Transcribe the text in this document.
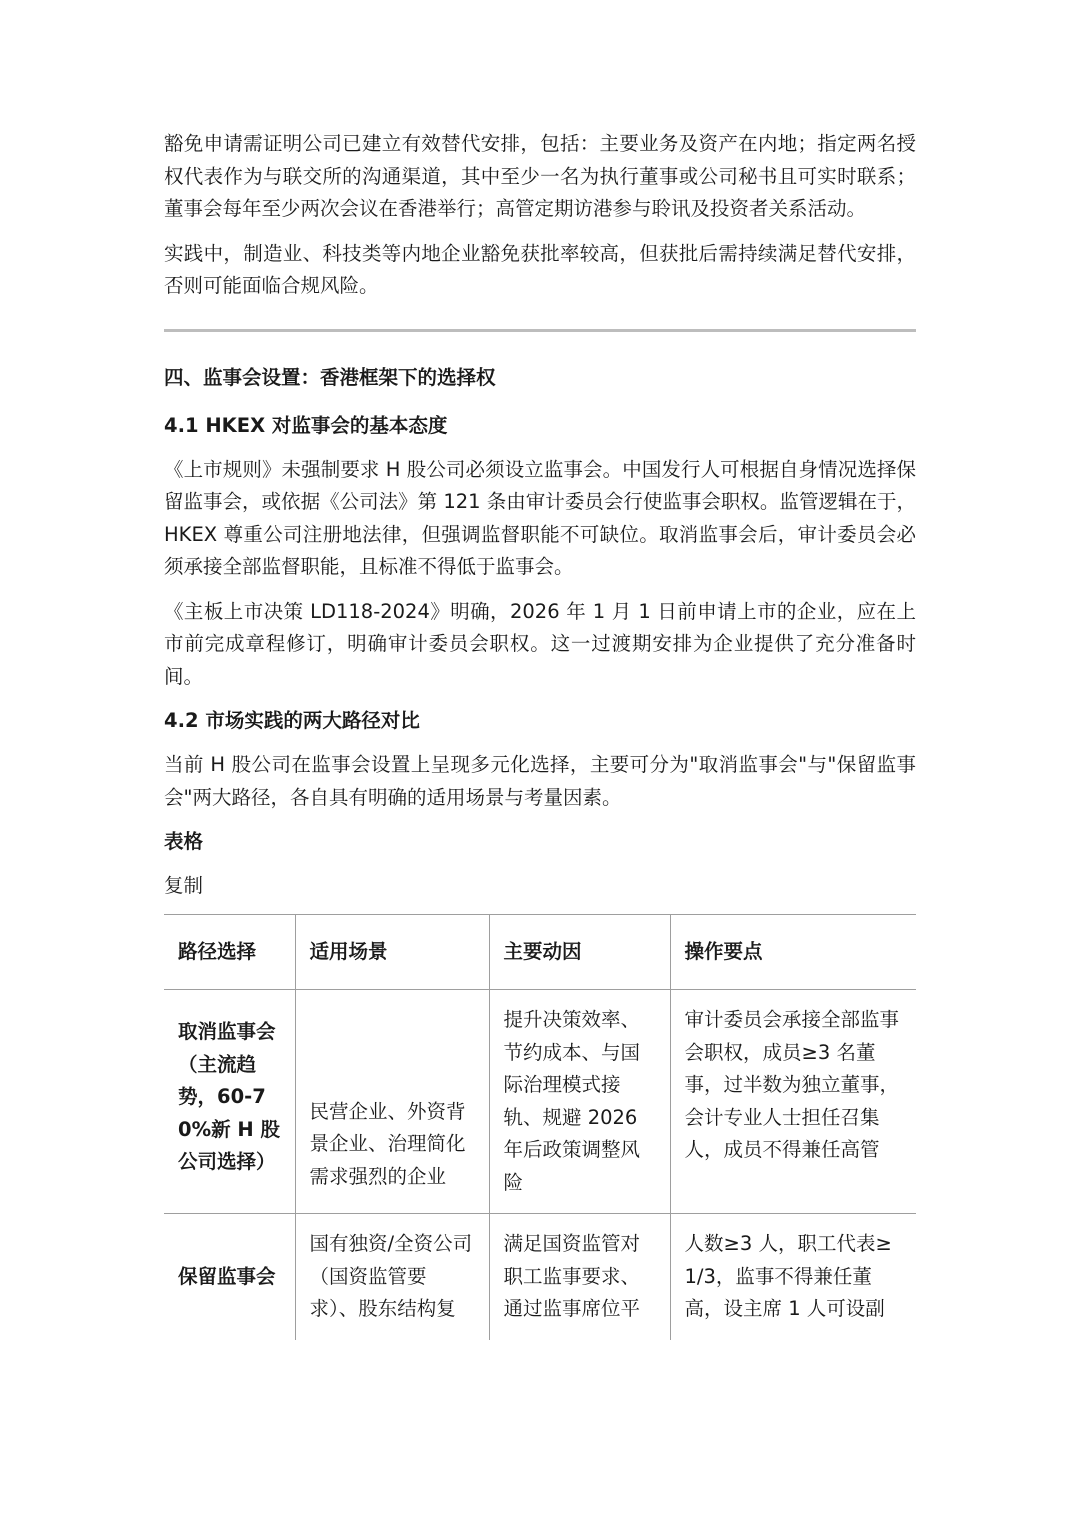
豁免申请需证明公司已建立有效替代安排，包括：主要业务及资产在内地；指定两名授权代表作为与联交所的沟通渠道，其中至少一名为执行董事或公司秘书且可实时联系；董事会每年至少两次会议在香港举行；高管定期访港参与聆讯及投资者关系活动。

实践中，制造业、科技类等内地企业豁免获批率较高，但获批后需持续满足替代安排，否则可能面临合规风险。

四、监事会设置：香港框架下的选择权
4.1 HKEX 对监事会的基本态度

《上市规则》未强制要求 H 股公司必须设立监事会。中国发行人可根据自身情况选择保留监事会，或依据《公司法》第 121 条由审计委员会行使监事会职权。监管逻辑在于，HKEX 尊重公司注册地法律，但强调监督职能不可缺位。取消监事会后，审计委员会必须承接全部监督职能，且标准不得低于监事会。

《主板上市决策 LD118-2024》明确，2026 年 1 月 1 日前申请上市的企业，应在上市前完成章程修订，明确审计委员会职权。这一过渡期安排为企业提供了充分准备时间。

4.2 市场实践的两大路径对比

当前 H 股公司在监事会设置上呈现多元化选择，主要可分为"取消监事会"与"保留监事会"两大路径，各自具有明确的适用场景与考量因素。

表格
复制
路径选择	适用场景	主要动因	操作要点
取消监事会（主流趋势，60-70%新 H 股公司选择）	民营企业、外资背景企业、治理简化需求强烈的企业	提升决策效率、节约成本、与国际治理模式接轨、规避 2026 年后政策调整风险	审计委员会承接全部监事会职权，成员≥3 名董事，过半数为独立董事，会计专业人士担任召集人，成员不得兼任高管
保留监事会	国有独资/全资公司（国资监管要求）、股东结构复	满足国资监管对职工监事要求、通过监事席位平	人数≥3 人，职工代表≥1/3，监事不得兼任董高，设主席 1 人可设副
